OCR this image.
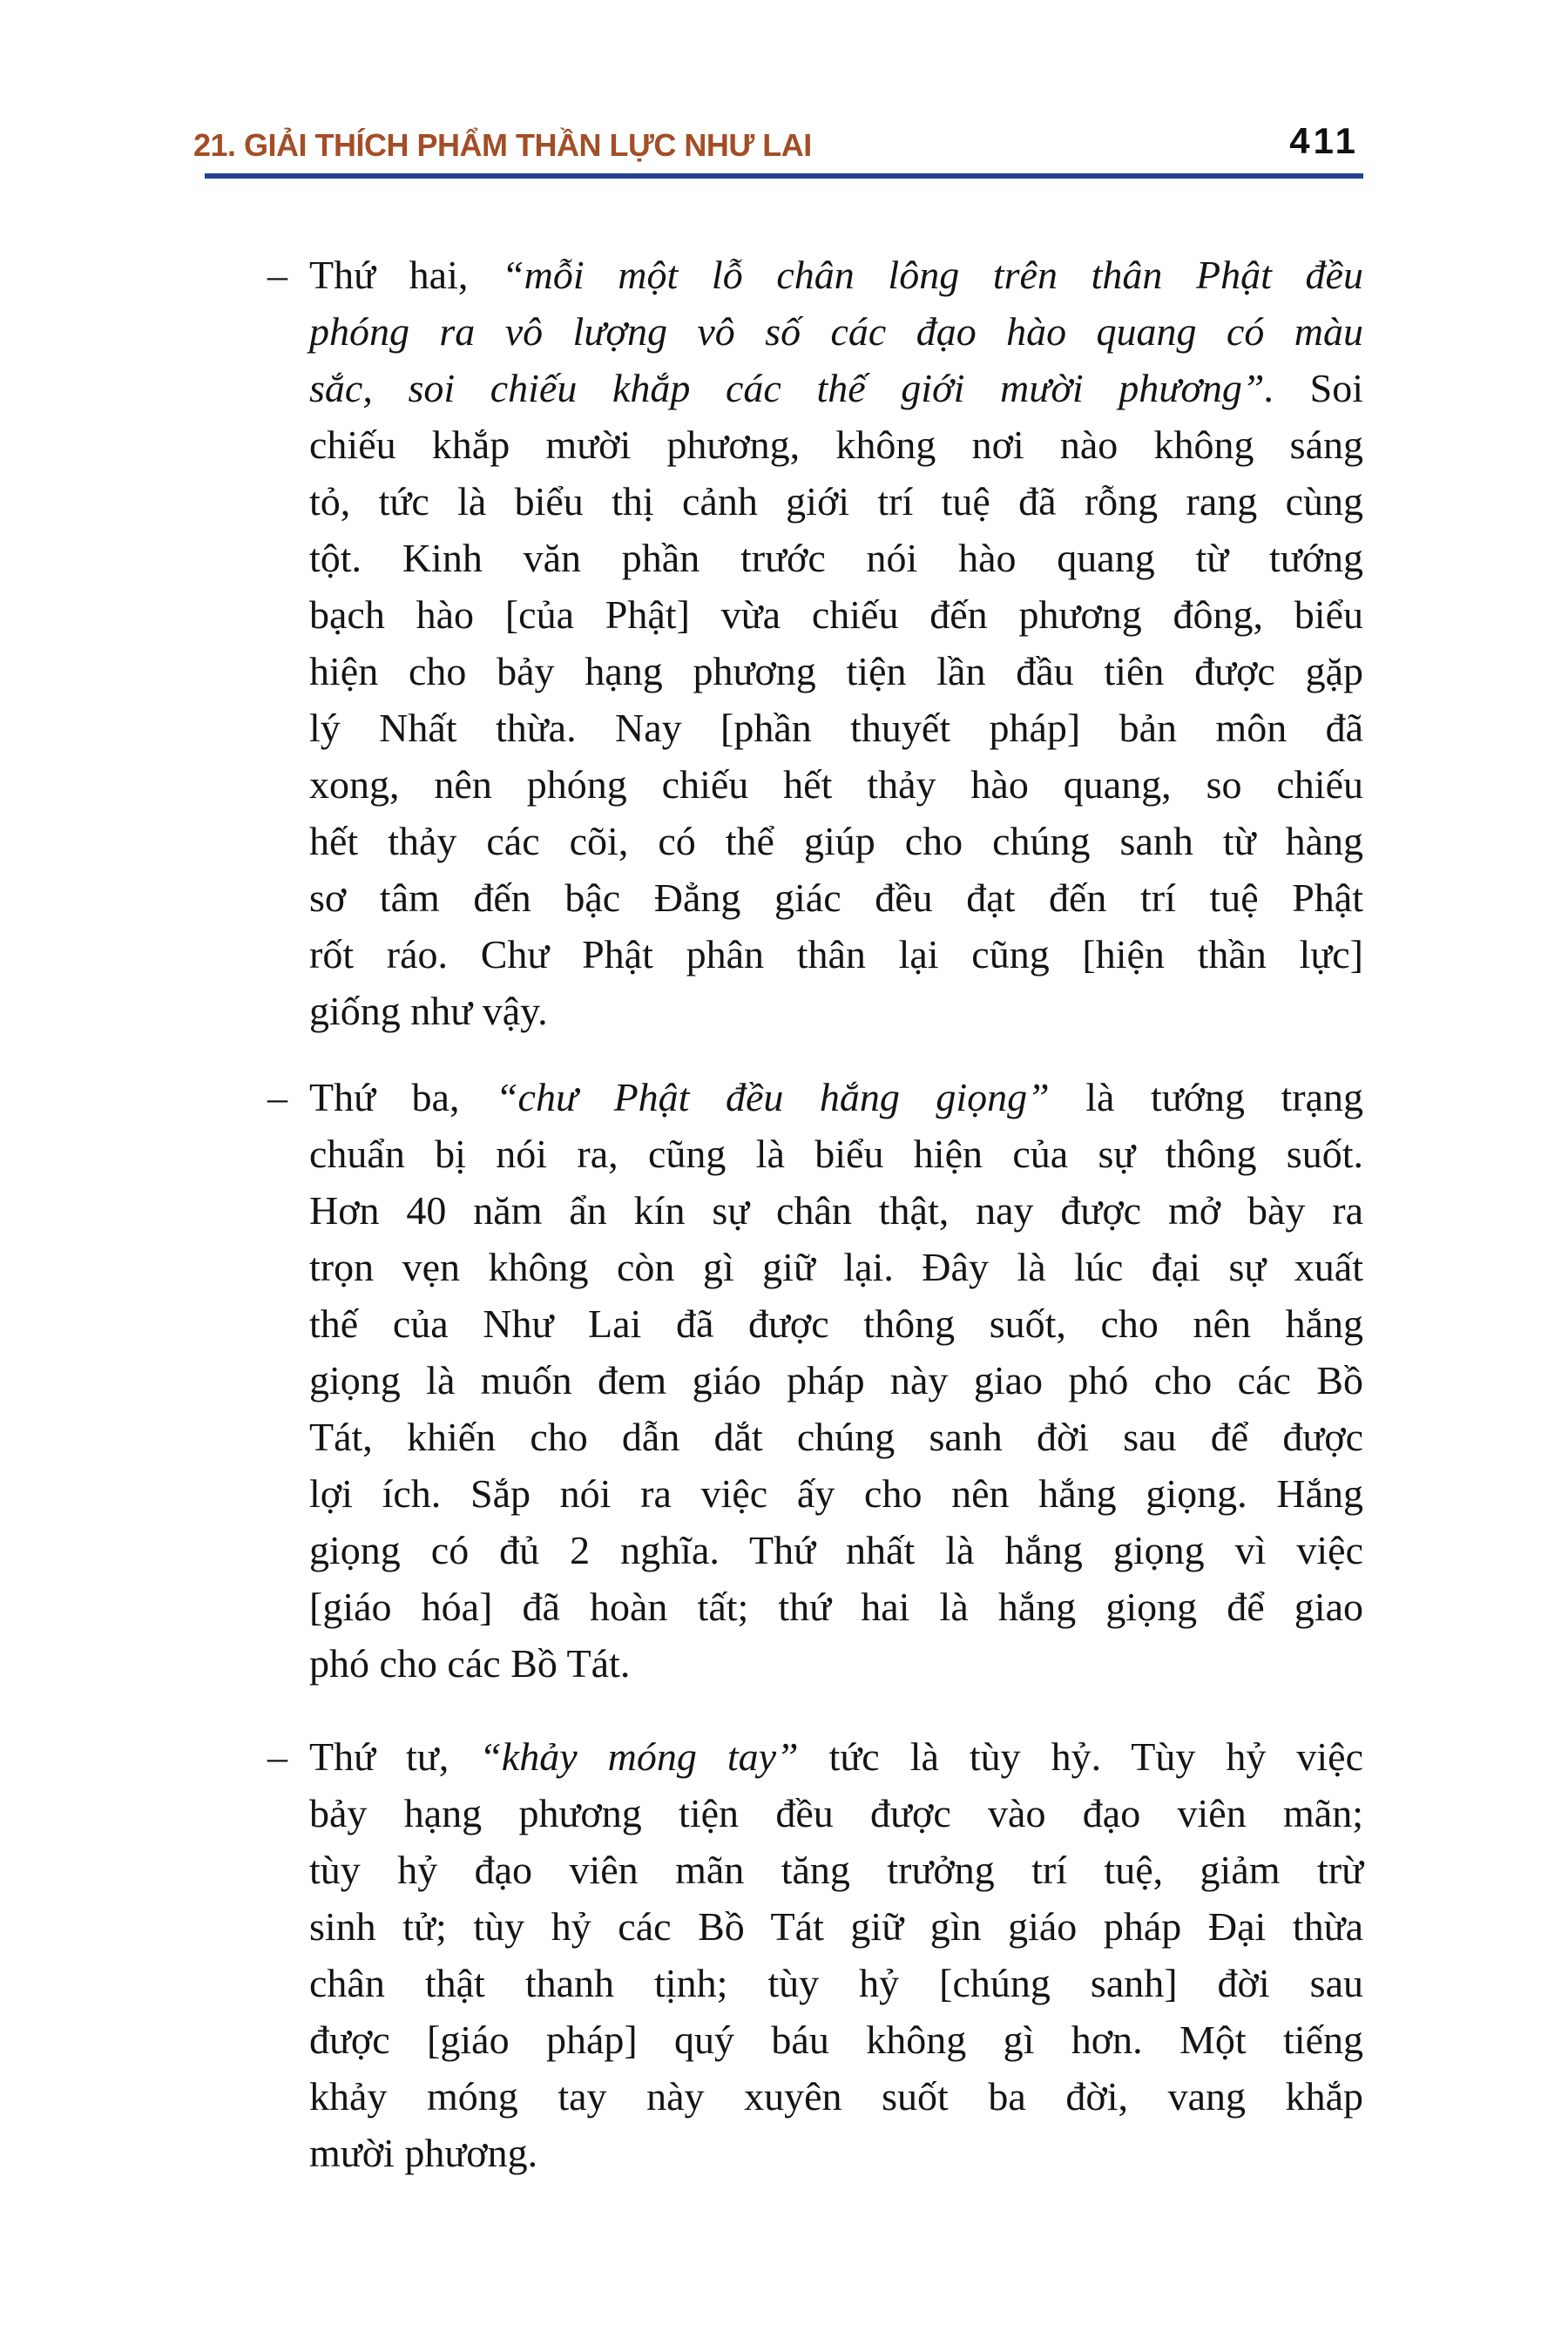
21. GIẢI THÍCH PHẨM THẦN LỰC NHƯ LAI	411
– Thứ hai, “mỗi một lỗ chân lông trên thân Phật đều
phóng ra vô lượng vô số các đạo hào quang có màu
sắc, soi chiếu khắp các thế giới mười phương”. Soi
chiếu khắp mười phương, không nơi nào không sáng
tỏ, tức là biểu thị cảnh giới trí tuệ đã rỗng rang cùng
tột. Kinh văn phần trước nói hào quang từ tướng
bạch hào [của Phật] vừa chiếu đến phương đông, biểu
hiện cho bảy hạng phương tiện lần đầu tiên được gặp
lý Nhất thừa. Nay [phần thuyết pháp] bản môn đã
xong, nên phóng chiếu hết thảy hào quang, so chiếu
hết thảy các cõi, có thể giúp cho chúng sanh từ hàng
sơ tâm đến bậc Đẳng giác đều đạt đến trí tuệ Phật
rốt ráo. Chư Phật phân thân lại cũng [hiện thần lực]
giống như vậy.
– Thứ ba, “chư Phật đều hắng giọng” là tướng trạng
chuẩn bị nói ra, cũng là biểu hiện của sự thông suốt.
Hơn 40 năm ẩn kín sự chân thật, nay được mở bày ra
trọn vẹn không còn gì giữ lại. Đây là lúc đại sự xuất
thế của Như Lai đã được thông suốt, cho nên hắng
giọng là muốn đem giáo pháp này giao phó cho các Bồ
Tát, khiến cho dẫn dắt chúng sanh đời sau để được
lợi ích. Sắp nói ra việc ấy cho nên hắng giọng. Hắng
giọng có đủ 2 nghĩa. Thứ nhất là hắng giọng vì việc
[giáo hóa] đã hoàn tất; thứ hai là hắng giọng để giao
phó cho các Bồ Tát.
– Thứ tư, “khảy móng tay” tức là tùy hỷ. Tùy hỷ việc
bảy hạng phương tiện đều được vào đạo viên mãn;
tùy hỷ đạo viên mãn tăng trưởng trí tuệ, giảm trừ
sinh tử; tùy hỷ các Bồ Tát giữ gìn giáo pháp Đại thừa
chân thật thanh tịnh; tùy hỷ [chúng sanh] đời sau
được [giáo pháp] quý báu không gì hơn. Một tiếng
khảy móng tay này xuyên suốt ba đời, vang khắp
mười phương.
